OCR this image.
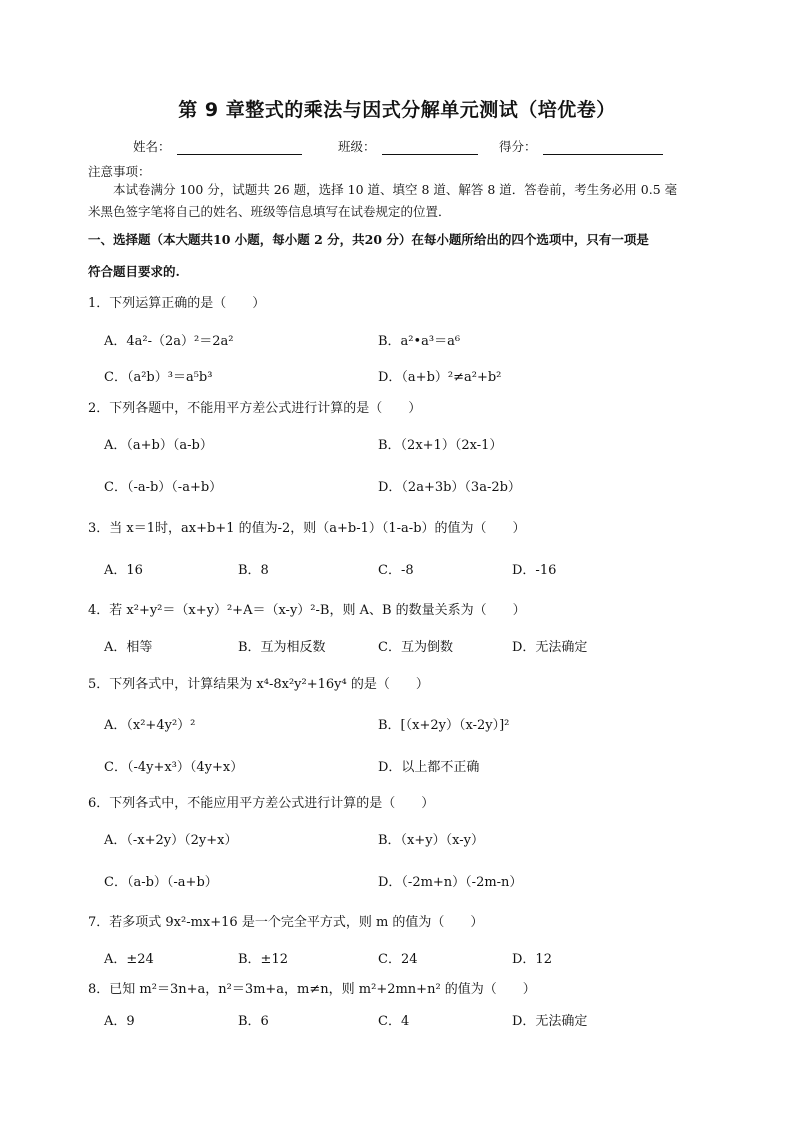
第 9 章整式的乘法与因式分解单元测试（培优卷）
姓名：	班级：	得分：
注意事项：
本试卷满分 100 分，试题共 26 题，选择 10 道、填空 8 道、解答 8 道．答卷前，考生务必用 0.5 毫
米黑色签字笔将自己的姓名、班级等信息填写在试卷规定的位置．
一、选择题（本大题共10 小题，每小题 2 分，共20 分）在每小题所给出的四个选项中，只有一项是
符合题目要求的.
1．下列运算正确的是（　　）
A．4a²-（2a）²＝2a²	B．a²•a³＝a⁶
C．（a²b）³＝a⁵b³	D．（a+b）²≠a²+b²
2．下列各题中，不能用平方差公式进行计算的是（　　）
A．（a+b）（a-b）	B．（2x+1）（2x-1）
C．（-a-b）（-a+b）	D．（2a+3b）（3a-2b）
3．当 x＝1时，ax+b+1 的值为-2，则（a+b-1）（1-a-b）的值为（　　）
A．16	B．8	C．-8	D．-16
4．若 x²+y²＝（x+y）²+A＝（x-y）²-B，则 A、B 的数量关系为（　　）
A．相等	B．互为相反数	C．互为倒数	D．无法确定
5．下列各式中，计算结果为 x⁴-8x²y²+16y⁴ 的是（　　）
A．（x²+4y²）²	B．[（x+2y）（x-2y）]²
C．（-4y+x³）（4y+x）	D．以上都不正确
6．下列各式中，不能应用平方差公式进行计算的是（　　）
A．（-x+2y）（2y+x）	B．（x+y）（x-y）
C．（a-b）（-a+b）	D．（-2m+n）（-2m-n）
7．若多项式 9x²-mx+16 是一个完全平方式，则 m 的值为（　　）
A．±24	B．±12	C．24	D．12
8．已知 m²＝3n+a，n²＝3m+a，m≠n，则 m²+2mn+n² 的值为（　　）
A．9	B．6	C．4	D．无法确定
